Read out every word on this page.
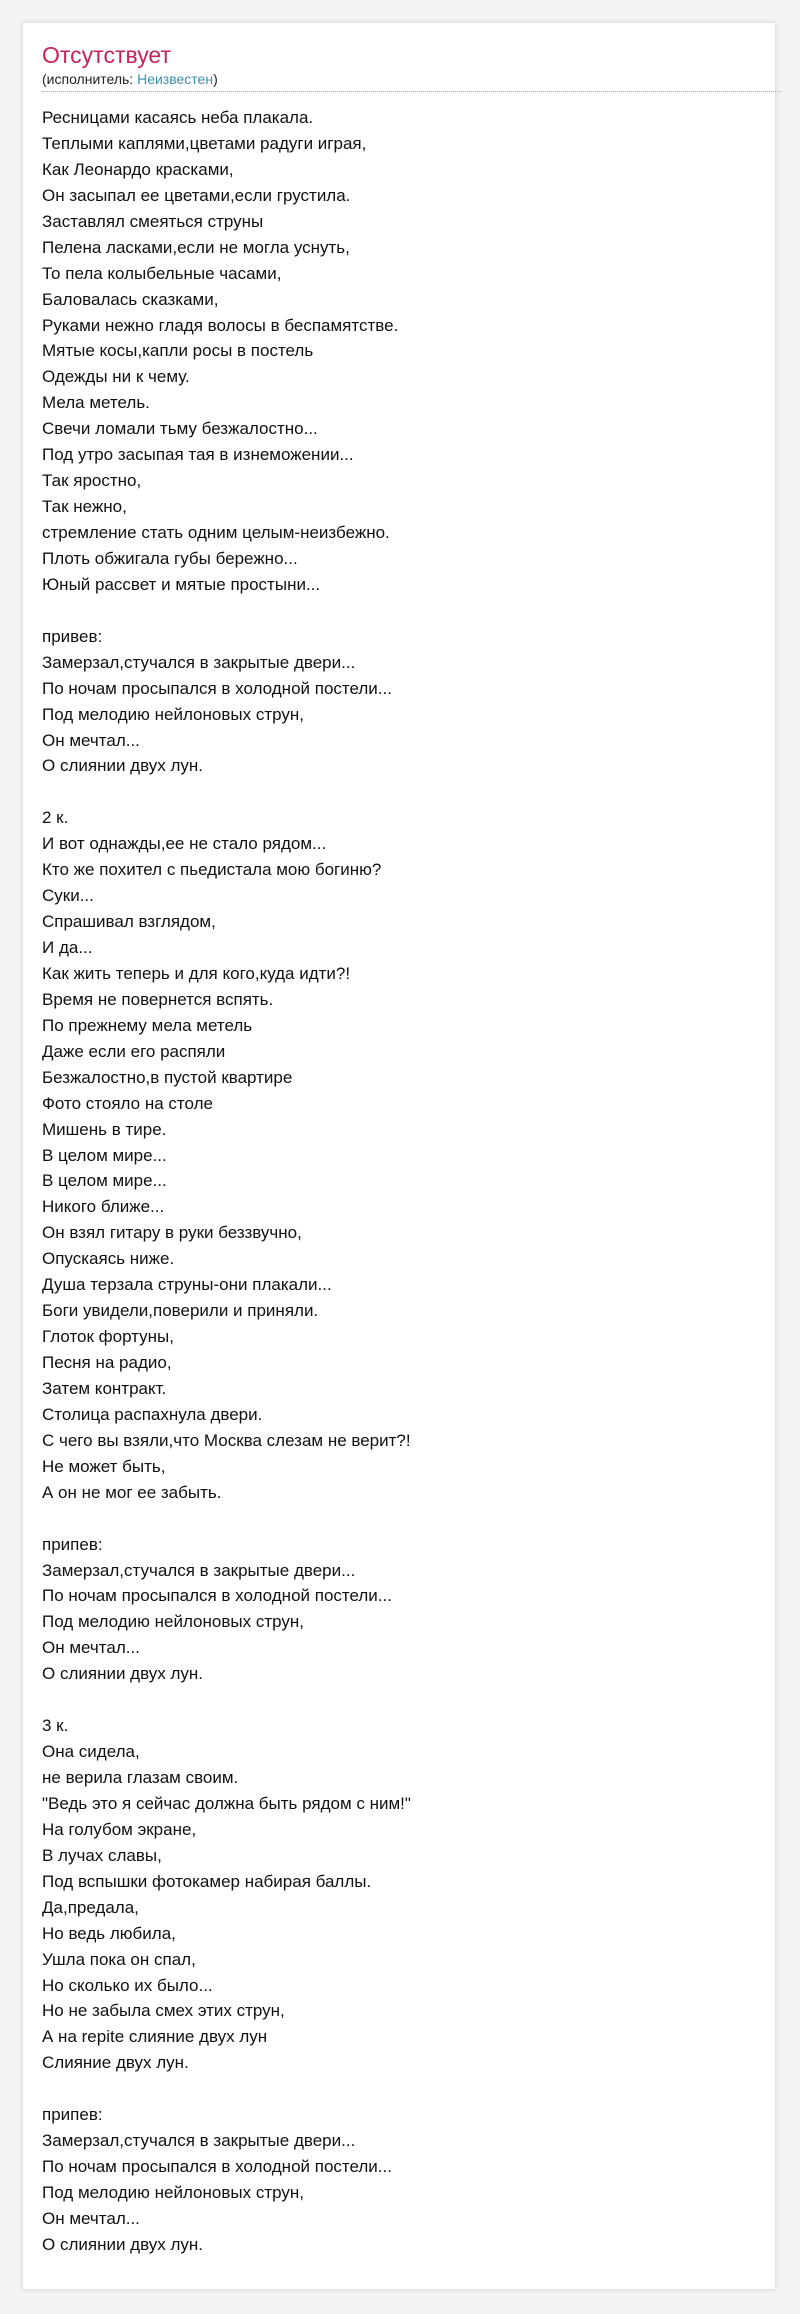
Отсутствует
(исполнитель: Неизвестен)
Ресницами касаясь неба плакала.
Теплыми каплями,цветами радуги играя,
Как Леонардо красками,
Он засыпал ее цветами,если грустила.
Заставлял смеяться струны
Пелена ласками,если не могла уснуть,
То пела колыбельные часами,
Баловалась сказками,
Руками нежно гладя волосы в беспамятстве.
Мятые косы,капли росы в постель
Одежды ни к чему.
Мела метель.
Свечи ломали тьму безжалостно...
Под утро засыпая тая в изнеможении...
Так яростно,
Так нежно,
стремление стать одним целым-неизбежно.
Плоть обжигала губы бережно...
Юный рассвет и мятые простыни...
привев:
Замерзал,стучался в закрытые двери...
По ночам просыпался в холодной постели...
Под мелодию нейлоновых струн,
Он мечтал...
О слиянии двух лун.
2 к.
И вот однажды,ее не стало рядом...
Кто же похител с пьедистала мою богиню?
Суки...
Спрашивал взглядом,
И да...
Как жить теперь и для кого,куда идти?!
Время не повернется вспять.
По прежнему мела метель
Даже если его распяли
Безжалостно,в пустой квартире
Фото стояло на столе
Мишень в тире.
В целом мире...
В целом мире...
Никого ближе...
Он взял гитару в руки беззвучно,
Опускаясь ниже.
Душа терзала струны-они плакали...
Боги увидели,поверили и приняли.
Глоток фортуны,
Песня на радио,
Затем контракт.
Столица распахнула двери.
С чего вы взяли,что Москва слезам не верит?!
Не может быть,
А он не мог ее забыть.
припев:
Замерзал,стучался в закрытые двери...
По ночам просыпался в холодной постели...
Под мелодию нейлоновых струн,
Он мечтал...
О слиянии двух лун.
3 к.
Она сидела,
не верила глазам своим.
"Ведь это я сейчас должна быть рядом с ним!"
На голубом экране,
В лучах славы,
Под вспышки фотокамер набирая баллы.
Да,предала,
Но ведь любила,
Ушла пока он спал,
Но сколько их было...
Но не забыла смех этих струн,
А на repite слияние двух лун
Слияние двух лун.
припев:
Замерзал,стучался в закрытые двери...
По ночам просыпался в холодной постели...
Под мелодию нейлоновых струн,
Он мечтал...
О слиянии двух лун.
